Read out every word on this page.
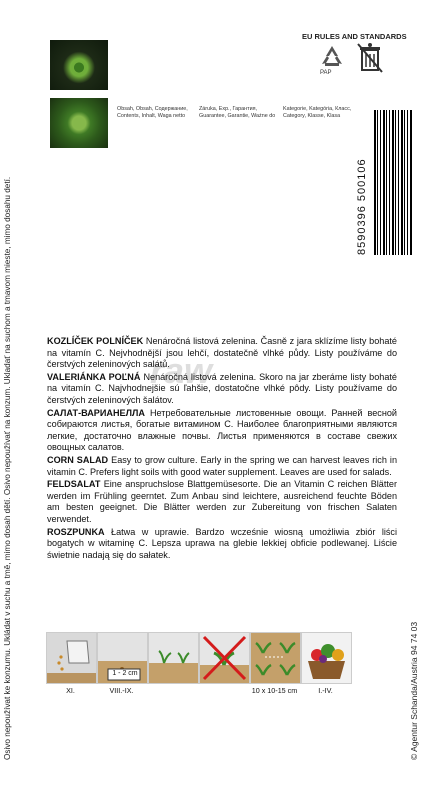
Osivo nepoužívat ke konzumu. Ukládat v suchu a tmě, mimo dosah dětí. Osivo nepoužívať na konzum. Ukladať na suchom a tmavom mieste, mimo dosahu detí.
Obsah, Obsah, Содержание,
Contents, Inhalt, Wagа netto
Záruka, Exp., Гарантия,
Guarantee, Garantie, Ważne do
Kategorie, Kategória, Класс,
Category, Klasse, Klasa
EU RULES AND STANDARDS
PAP
8590396 500106
raw

KOZLÍČEK POLNÍČEK Nenáročná listová zelenina. Časně z jara sklízíme listy bohaté na vitamín C. Nejvhodnější jsou lehčí, dostatečně vlhké půdy. Listy používáme do čerstvých zeleninových salátů.

VALERIÁNKA POĽNÁ Nenáročná listová zelenina. Skoro na jar zberáme listy bohaté na vitamín C. Najvhodnejšie sú ľahšie, dostatočne vlhké pôdy. Listy používame do čerstvých zeleninových šalátov.

САЛАТ-ВАРИАНЕЛЛА Нетребовательные листовенные овощи. Ранней весной собираются листья, богатые витамином С. Наиболее благоприятными являются легкие, достаточно влажные почвы. Листья применяются в составе свежих овощных салатов.

CORN SALAD Easy to grow culture. Early in the spring we can harvest leaves rich in vitamin C. Prefers light soils with good water supplement. Leaves are used for salads.

FELDSALAT Eine anspruchslose Blattgemüsesorte. Die an Vitamin C reichen Blätter werden im Frühling geerntet. Zum Anbau sind leichtere, ausreichend feuchte Böden am besten geeignet. Die Blätter werden zur Zubereitung von frischen Salaten verwendet.

ROSZPUNKA Łatwa w uprawie. Bardzo wcześnie wiosną umożliwia zbiór liści bogatych w witaminę C. Lepsza uprawa na glebie lekkiej obficie podlewanej. Liście świetnie nadają się do sałatek.

XI.
1 - 2 cm
VIII.-IX.	10 x 10-15 cm	I.-IV.	© Agentur Schanda/Austria 94 74 03
